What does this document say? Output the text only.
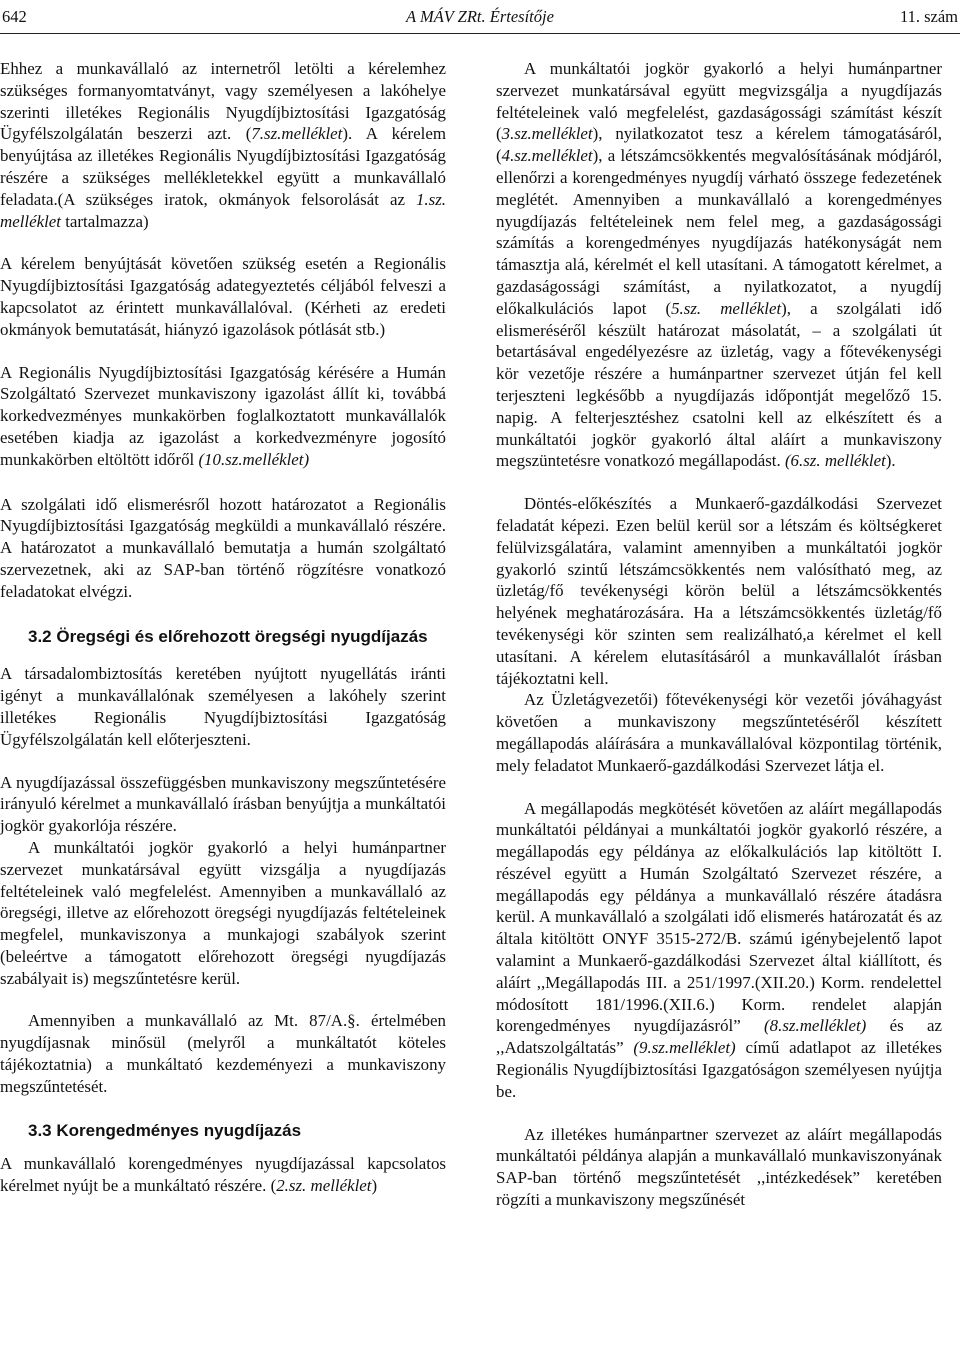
642	A MÁV ZRt. Értesítője	11. szám

Ehhez a munkavállaló az internetről letölti a kérelemhez szükséges formanyomtatványt, vagy személyesen a lakóhelye szerinti illetékes Regionális Nyugdíjbiztosítási Igazgatóság Ügyfélszolgálatán beszerzi azt. (7.sz.melléklet). A kérelem benyújtása az illetékes Regionális Nyugdíjbiztosítási Igazgatóság részére a szükséges mellékletekkel együtt a munkavállaló feladata.(A szükséges iratok, okmányok felsorolását az 1.sz. melléklet tartalmazza)

A kérelem benyújtását követően szükség esetén a Regionális Nyugdíjbiztosítási Igazgatóság adategyeztetés céljából felveszi a kapcsolatot az érintett munkavállalóval. (Kérheti az eredeti okmányok bemutatását, hiányzó igazolások pótlását stb.)

A Regionális Nyugdíjbiztosítási Igazgatóság kérésére a Humán Szolgáltató Szervezet munkaviszony igazolást állít ki, továbbá korkedvezményes munkakörben foglalkoztatott munkavállalók esetében kiadja az igazolást a korkedvezményre jogosító munkakörben eltöltött időről (10.sz.melléklet)

A szolgálati idő elismerésről hozott határozatot a Regionális Nyugdíjbiztosítási Igazgatóság megküldi a munkavállaló részére. A határozatot a munkavállaló bemutatja a humán szolgáltató szervezetnek, aki az SAP-ban történő rögzítésre vonatkozó feladatokat elvégzi.

3.2 Öregségi és előrehozott öregségi nyugdíjazás

A társadalombiztosítás keretében nyújtott nyugellátás iránti igényt a munkavállalónak személyesen a lakóhely szerint illetékes Regionális Nyugdíjbiztosítási Igazgatóság Ügyfélszolgálatán kell előterjeszteni.

A nyugdíjazással összefüggésben munkaviszony megszűntetésére irányuló kérelmet a munkavállaló írásban benyújtja a munkáltatói jogkör gyakorlója részére.

A munkáltatói jogkör gyakorló a helyi humánpartner szervezet munkatársával együtt vizsgálja a nyugdíjazás feltételeinek való megfelelést. Amennyiben a munkavállaló az öregségi, illetve az előrehozott öregségi nyugdíjazás feltételeinek megfelel, munkaviszonya a munkajogi szabályok szerint (beleértve a támogatott előrehozott öregségi nyugdíjazás szabályait is) megszűntetésre kerül.

Amennyiben a munkavállaló az Mt. 87/A.§. értelmében nyugdíjasnak minősül (melyről a munkáltatót köteles tájékoztatnia) a munkáltató kezdeményezi a munkaviszony megszűntetését.

3.3 Korengedményes nyugdíjazás

A munkavállaló korengedményes nyugdíjazással kapcsolatos kérelmet nyújt be a munkáltató részére. (2.sz. melléklet)

A munkáltatói jogkör gyakorló a helyi humánpartner szervezet munkatársával együtt megvizsgálja a nyugdíjazás feltételeinek való megfelelést, gazdaságossági számítást készít (3.sz.melléklet), nyilatkozatot tesz a kérelem támogatásáról, (4.sz.melléklet), a létszámcsökkentés megvalósításának módjáról, ellenőrzi a korengedményes nyugdíj várható összege fedezetének meglétét. Amennyiben a munkavállaló a korengedményes nyugdíjazás feltételeinek nem felel meg, a gazdaságossági számítás a korengedményes nyugdíjazás hatékonyságát nem támasztja alá, kérelmét el kell utasítani. A támogatott kérelmet, a gazdaságossági számítást, a nyilatkozatot, a nyugdíj előkalkulációs lapot (5.sz. melléklet), a szolgálati idő elismeréséről készült határozat másolatát, – a szolgálati út betartásával engedélyezésre az üzletág, vagy a főtevékenységi kör vezetője részére a humánpartner szervezet útján fel kell terjeszteni legkésőbb a nyugdíjazás időpontját megelőző 15. napig. A felterjesztéshez csatolni kell az elkészített és a munkáltatói jogkör gyakorló által aláírt a munkaviszony megszüntetésre vonatkozó megállapodást. (6.sz. melléklet).

Döntés-előkészítés a Munkaerő-gazdálkodási Szervezet feladatát képezi. Ezen belül kerül sor a létszám és költségkeret felülvizsgálatára, valamint amennyiben a munkáltatói jogkör gyakorló szintű létszámcsökkentés nem valósítható meg, az üzletág/fő tevékenységi körön belül a létszámcsökkentés helyének meghatározására. Ha a létszámcsökkentés üzletág/fő tevékenységi kör szinten sem realizálható,a kérelmet el kell utasítani. A kérelem elutasításáról a munkavállalót írásban tájékoztatni kell.

Az Üzletágvezetői) főtevékenységi kör vezetői jóváhagyást követően a munkaviszony megszűntetéséről készített megállapodás aláírására a munkavállalóval központilag történik, mely feladatot Munkaerő-gazdálkodási Szervezet látja el.

A megállapodás megkötését követően az aláírt megállapodás munkáltatói példányai a munkáltatói jogkör gyakorló részére, a megállapodás egy példánya az előkalkulációs lap kitöltött I. részével együtt a Humán Szolgáltató Szervezet részére, a megállapodás egy példánya a munkavállaló részére átadásra kerül. A munkavállaló a szolgálati idő elismerés határozatát és az általa kitöltött ONYF 3515-272/B. számú igénybejelentő lapot valamint a Munkaerő-gazdálkodási Szervezet által kiállított, és aláírt ,,Megállapodás III. a 251/1997.(XII.20.) Korm. rendelettel módosított 181/1996.(XII.6.) Korm. rendelet alapján korengedményes nyugdíjazásról” (8.sz.melléklet) és az ,,Adatszolgáltatás” (9.sz.melléklet) című adatlapot az illetékes Regionális Nyugdíjbiztosítási Igazgatóságon személyesen nyújtja be.

Az illetékes humánpartner szervezet az aláírt megállapodás munkáltatói példánya alapján a munkavállaló munkaviszonyának SAP-ban történő megszűntetését ,,intézkedések” keretében rögzíti a munkaviszony megszűnését
